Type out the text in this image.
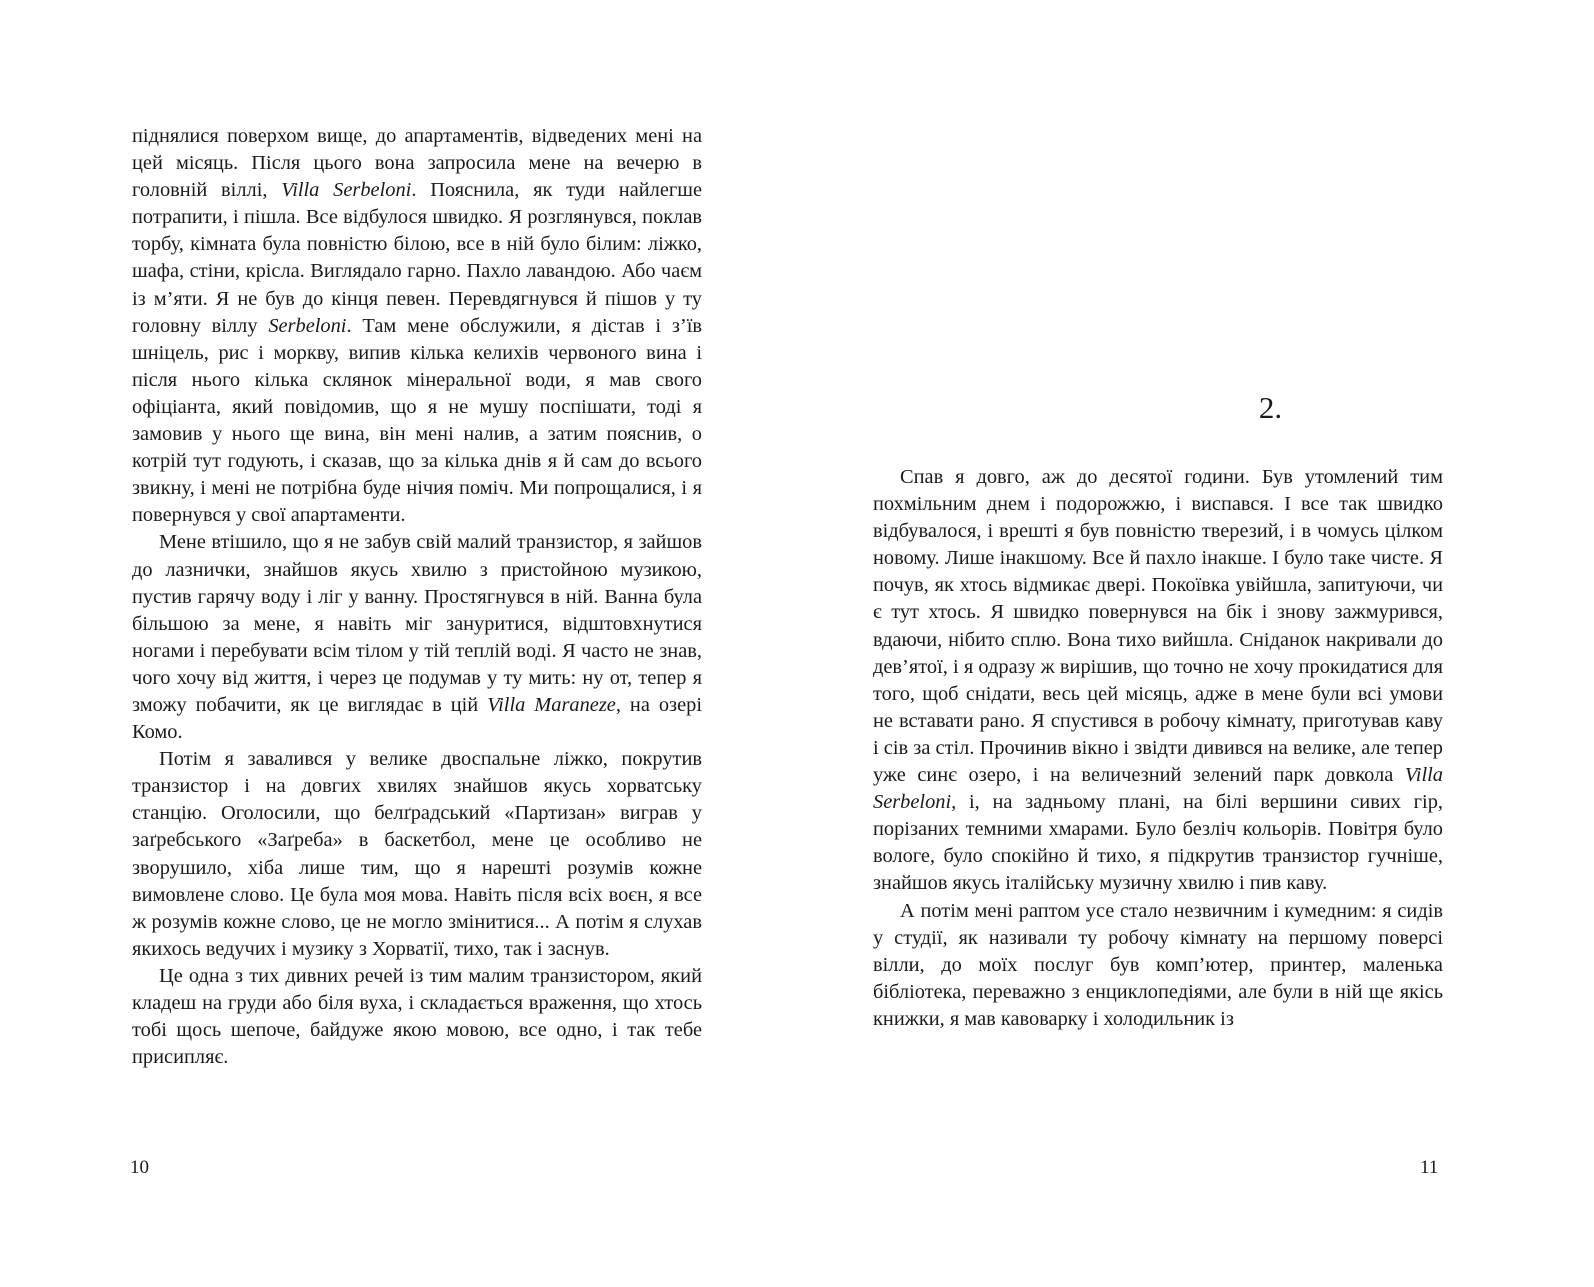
піднялися поверхом вище, до апартаментів, відведених мені на цей місяць. Після цього вона запросила мене на вечерю в головній віллі, Villa Serbeloni. Пояснила, як туди найлегше потрапити, і пішла. Все відбулося швидко. Я розглянувся, поклав торбу, кімната була повністю білою, все в ній було білим: ліжко, шафа, стіни, крісла. Виглядало гарно. Пахло лавандою. Або чаєм із м’яти. Я не був до кінця певен. Перевдягнувся й пішов у ту головну віллу Serbeloni. Там мене обслужили, я дістав і з’їв шніцель, рис і моркву, випив кілька келихів червоного вина і після нього кілька склянок мінеральної води, я мав свого офіціанта, який повідомив, що я не мушу поспішати, тоді я замовив у нього ще вина, він мені налив, а затим пояснив, о котрій тут годують, і сказав, що за кілька днів я й сам до всього звикну, і мені не потрібна буде нічия поміч. Ми попрощалися, і я повернувся у свої апартаменти.

Мене втішило, що я не забув свій малий транзистор, я зайшов до лазнички, знайшов якусь хвилю з пристойною музикою, пустив гарячу воду і ліг у ванну. Простягнувся в ній. Ванна була більшою за мене, я навіть міг зануритися, відштовхнутися ногами і перебувати всім тілом у тій теплій воді. Я часто не знав, чого хочу від життя, і через це подумав у ту мить: ну от, тепер я зможу побачити, як це виглядає в цій Villa Maraneze, на озері Комо.

Потім я завалився у велике двоспальне ліжко, покрутив транзистор і на довгих хвилях знайшов якусь хорватську станцію. Оголосили, що белґрадський «Партизан» виграв у заґребського «Заґреба» в баскетбол, мене це особливо не зворушило, хіба лише тим, що я нарешті розумів кожне вимовлене слово. Це була моя мова. Навіть після всіх воєн, я все ж розумів кожне слово, це не могло змінитися... А потім я слухав якихось ведучих і музику з Хорватії, тихо, так і заснув.

Це одна з тих дивних речей із тим малим транзистором, який кладеш на груди або біля вуха, і складається враження, що хтось тобі щось шепоче, байдуже якою мовою, все одно, і так тебе присипляє.

10
2.

Спав я довго, аж до десятої години. Був утомлений тим похмільним днем і подорожжю, і виспався. І все так швидко відбувалося, і врешті я був повністю тверезий, і в чомусь цілком новому. Лише інакшому. Все й пахло інакше. І було таке чисте. Я почув, як хтось відмикає двері. Покоївка увійшла, запитуючи, чи є тут хтось. Я швидко повернувся на бік і знову зажмурився, вдаючи, нібито сплю. Вона тихо вийшла. Сніданок накривали до дев’ятої, і я одразу ж вирішив, що точно не хочу прокидатися для того, щоб снідати, весь цей місяць, адже в мене були всі умови не вставати рано. Я спустився в робочу кімнату, приготував каву і сів за стіл. Прочинив вікно і звідти дивився на велике, але тепер уже синє озеро, і на величезний зелений парк довкола Villa Serbeloni, і, на задньому плані, на білі вершини сивих гір, порізаних темними хмарами. Було безліч кольорів. Повітря було вологе, було спокійно й тихо, я підкрутив транзистор гучніше, знайшов якусь італійську музичну хвилю і пив каву.

А потім мені раптом усе стало незвичним і кумедним: я сидів у студії, як називали ту робочу кімнату на першому поверсі вілли, до моїх послуг був комп’ютер, принтер, маленька бібліотека, переважно з енциклопедіями, але були в ній ще якісь книжки, я мав кавоварку і холодильник із

11
